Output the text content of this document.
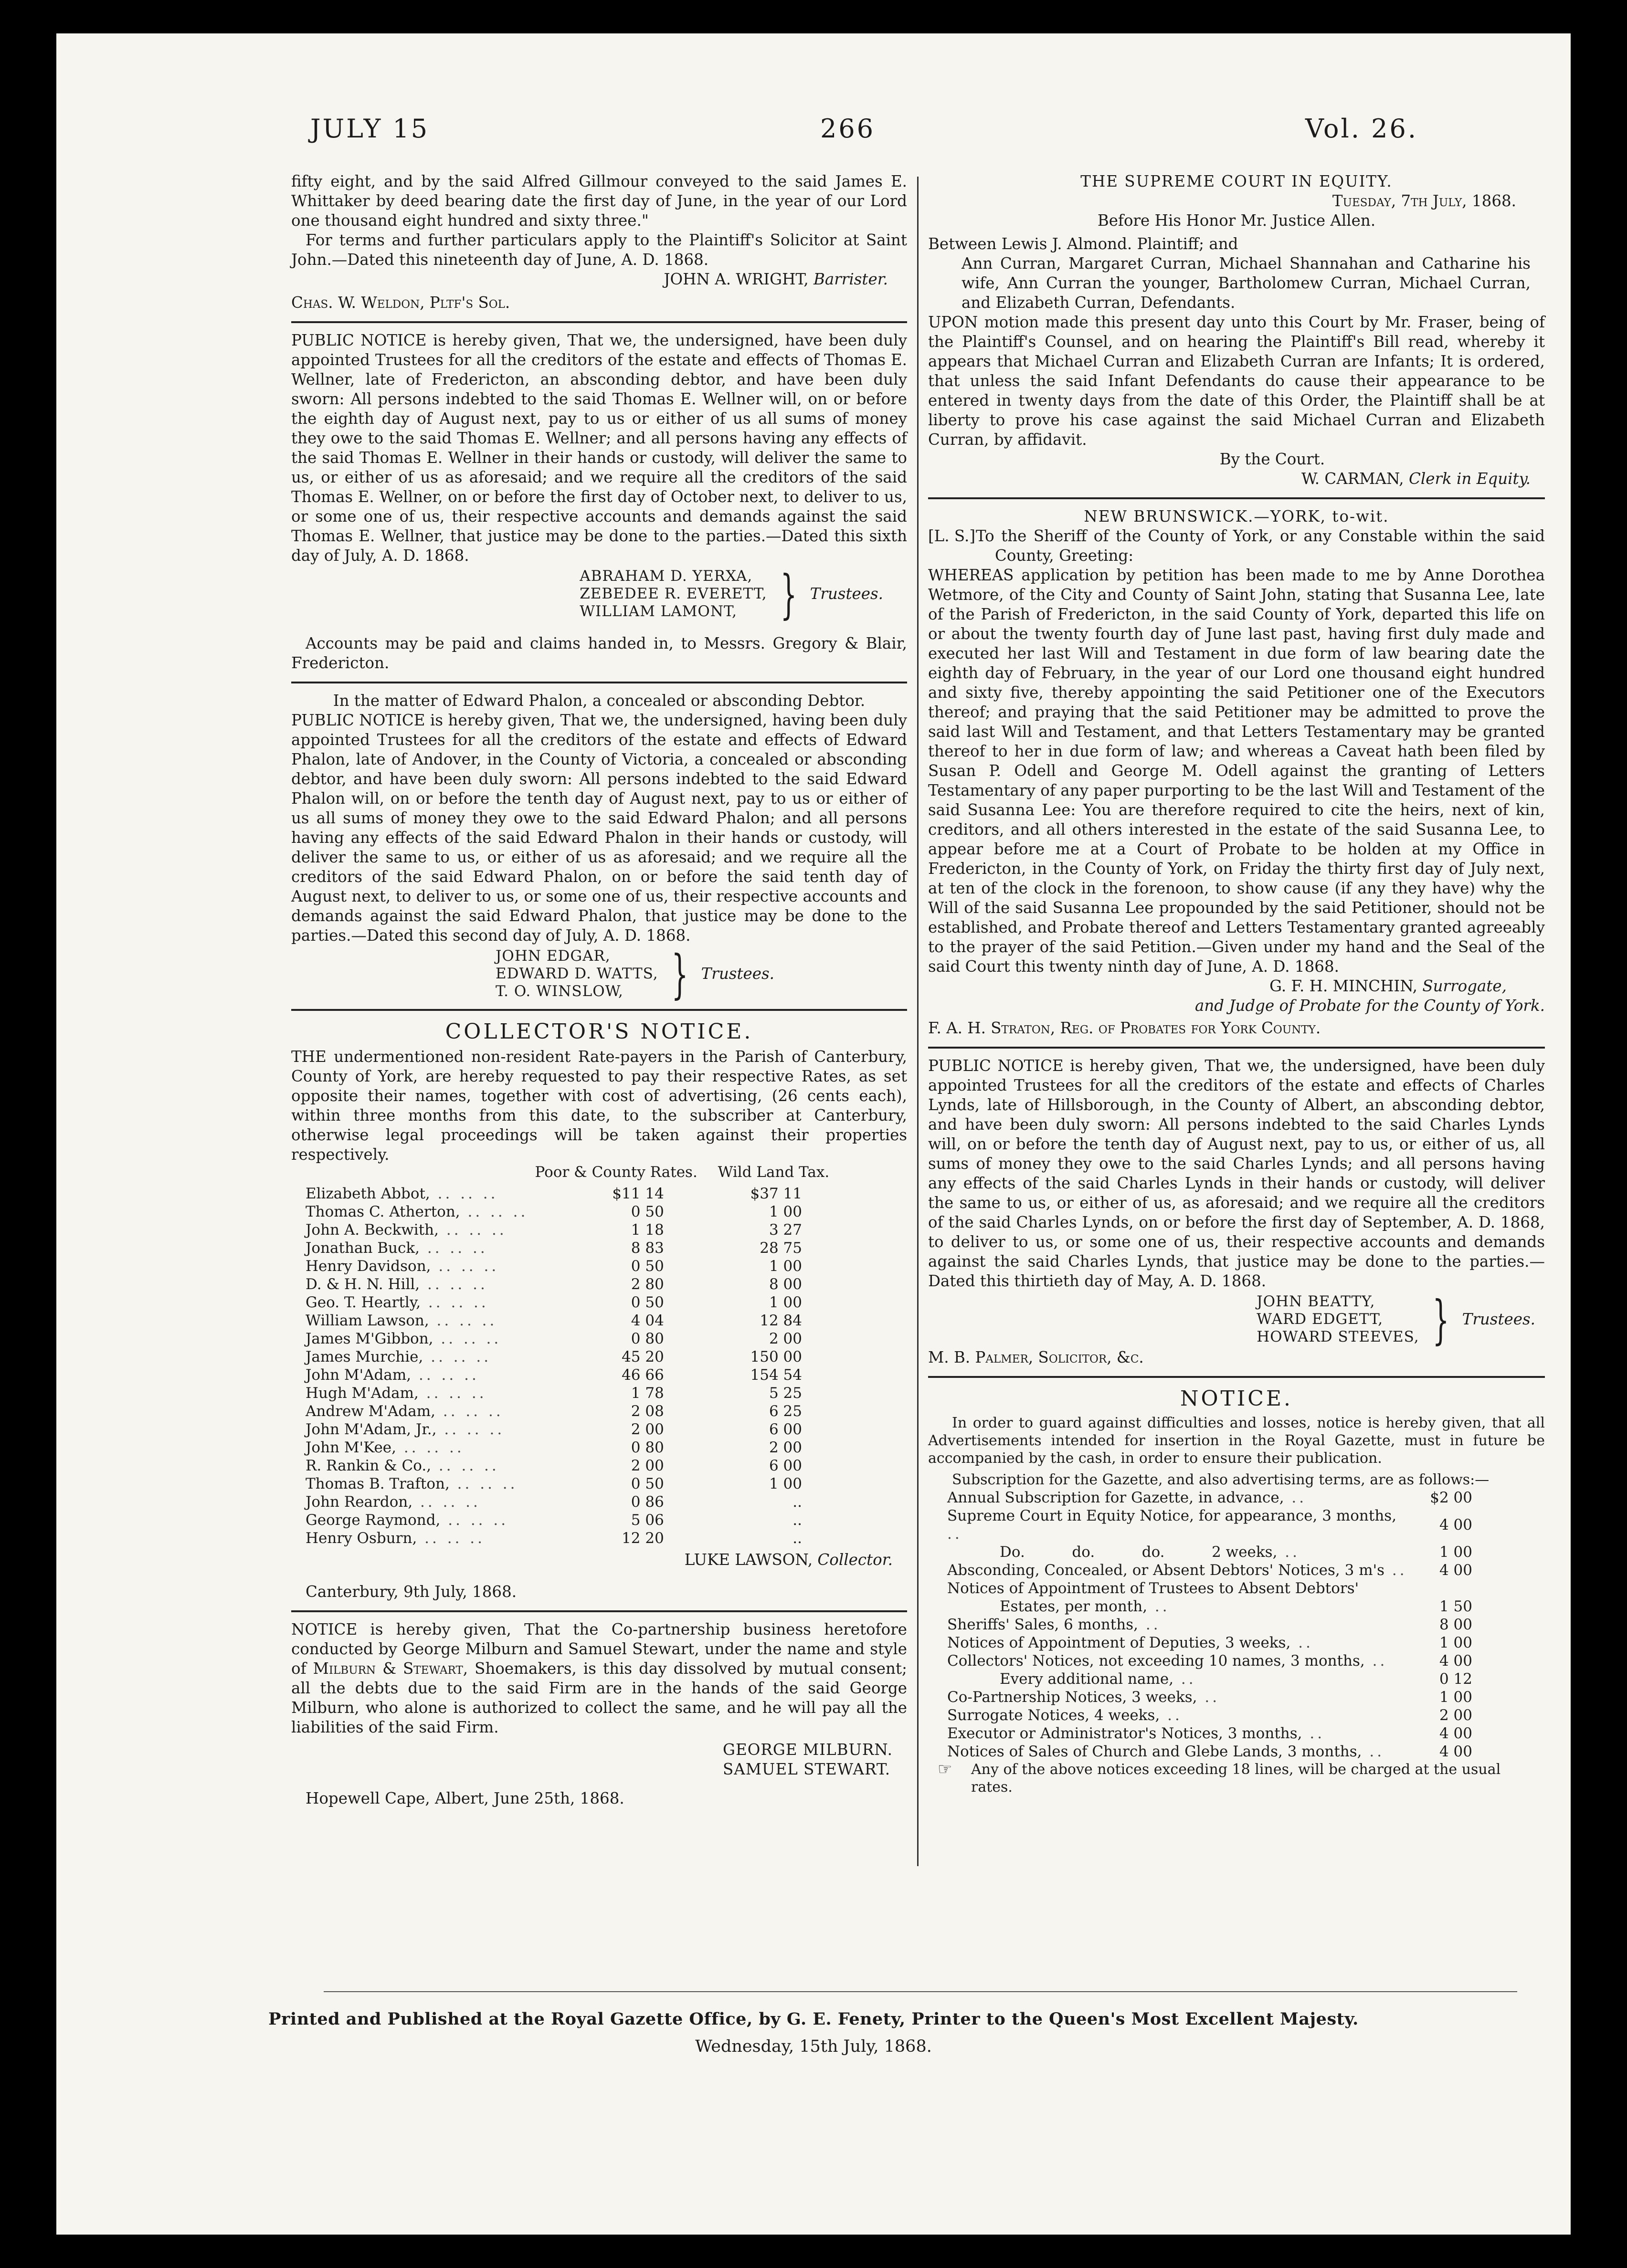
JULY 15	266	Vol. 26.

fifty eight, and by the said Alfred Gillmour conveyed to the said James E. Whittaker by deed bearing date the first day of June, in the year of our Lord one thousand eight hundred and sixty three."

For terms and further particulars apply to the Plaintiff's Solicitor at Saint John.—Dated this nineteenth day of June, A. D. 1868.

JOHN A. WRIGHT, Barrister.

Chas. W. Weldon, Pltf's Sol.

PUBLIC NOTICE is hereby given, That we, the undersigned, have been duly appointed Trustees for all the creditors of the estate and effects of Thomas E. Wellner, late of Fredericton, an absconding debtor, and have been duly sworn: All persons indebted to the said Thomas E. Wellner will, on or before the eighth day of August next, pay to us or either of us all sums of money they owe to the said Thomas E. Wellner; and all persons having any effects of the said Thomas E. Wellner in their hands or custody, will deliver the same to us, or either of us as aforesaid; and we require all the creditors of the said Thomas E. Wellner, on or before the first day of October next, to deliver to us, or some one of us, their respective accounts and demands against the said Thomas E. Wellner, that justice may be done to the parties.—Dated this sixth day of July, A. D. 1868.

ABRAHAM D. YERXA,
ZEBEDEE R. EVERETT,
WILLIAM LAMONT, } Trustees.

Accounts may be paid and claims handed in, to Messrs. Gregory & Blair, Fredericton.

In the matter of Edward Phalon, a concealed or absconding Debtor.

PUBLIC NOTICE is hereby given, That we, the undersigned, having been duly appointed Trustees for all the creditors of the estate and effects of Edward Phalon, late of Andover, in the County of Victoria, a concealed or absconding debtor, and have been duly sworn: All persons indebted to the said Edward Phalon will, on or before the tenth day of August next, pay to us or either of us all sums of money they owe to the said Edward Phalon; and all persons having any effects of the said Edward Phalon in their hands or custody, will deliver the same to us, or either of us as aforesaid; and we require all the creditors of the said Edward Phalon, on or before the said tenth day of August next, to deliver to us, or some one of us, their respective accounts and demands against the said Edward Phalon, that justice may be done to the parties.—Dated this second day of July, A. D. 1868.

JOHN EDGAR,
EDWARD D. WATTS,
T. O. WINSLOW, } Trustees.
COLLECTOR'S NOTICE.

THE undermentioned non-resident Rate-payers in the Parish of Canterbury, County of York, are hereby requested to pay their respective Rates, as set opposite their names, together with cost of advertising, (26 cents each), within three months from this date, to the subscriber at Canterbury, otherwise legal proceedings will be taken against their properties respectively.

	Poor & County Rates.	Wild Land Tax.
Elizabeth Abbot, .. .. ..	$11 14	$37 11
Thomas C. Atherton, .. .. ..	0 50	1 00
John A. Beckwith, .. .. ..	1 18	3 27
Jonathan Buck, .. .. ..	8 83	28 75
Henry Davidson, .. .. ..	0 50	1 00
D. & H. N. Hill, .. .. ..	2 80	8 00
Geo. T. Heartly, .. .. ..	0 50	1 00
William Lawson, .. .. ..	4 04	12 84
James M'Gibbon, .. .. ..	0 80	2 00
James Murchie, .. .. ..	45 20	150 00
John M'Adam, .. .. ..	46 66	154 54
Hugh M'Adam, .. .. ..	1 78	5 25
Andrew M'Adam, .. .. ..	2 08	6 25
John M'Adam, Jr., .. .. ..	2 00	6 00
John M'Kee, .. .. ..	0 80	2 00
R. Rankin & Co., .. .. ..	2 00	6 00
Thomas B. Trafton, .. .. ..	0 50	1 00
John Reardon, .. .. ..	0 86	..
George Raymond, .. .. ..	5 06	..
Henry Osburn, .. .. ..	12 20	..

LUKE LAWSON, Collector.

Canterbury, 9th July, 1868.

NOTICE is hereby given, That the Co-partnership business heretofore conducted by George Milburn and Samuel Stewart, under the name and style of Milburn & Stewart, Shoemakers, is this day dissolved by mutual consent; all the debts due to the said Firm are in the hands of the said George Milburn, who alone is authorized to collect the same, and he will pay all the liabilities of the said Firm.

GEORGE MILBURN.
SAMUEL STEWART.

Hopewell Cape, Albert, June 25th, 1868.

THE SUPREME COURT IN EQUITY.

Tuesday, 7th July, 1868.

Before His Honor Mr. Justice Allen.

Between Lewis J. Almond. Plaintiff; and

Ann Curran, Margaret Curran, Michael Shannahan and Catharine his wife, Ann Curran the younger, Bartholomew Curran, Michael Curran, and Elizabeth Curran, Defendants.

UPON motion made this present day unto this Court by Mr. Fraser, being of the Plaintiff's Counsel, and on hearing the Plaintiff's Bill read, whereby it appears that Michael Curran and Elizabeth Curran are Infants; It is ordered, that unless the said Infant Defendants do cause their appearance to be entered in twenty days from the date of this Order, the Plaintiff shall be at liberty to prove his case against the said Michael Curran and Elizabeth Curran, by affidavit.

By the Court.

W. CARMAN, Clerk in Equity.

NEW BRUNSWICK.—YORK, to-wit.

[L. S.] To the Sheriff of the County of York, or any Constable within the said County, Greeting:

WHEREAS application by petition has been made to me by Anne Dorothea Wetmore, of the City and County of Saint John, stating that Susanna Lee, late of the Parish of Fredericton, in the said County of York, departed this life on or about the twenty fourth day of June last past, having first duly made and executed her last Will and Testament in due form of law bearing date the eighth day of February, in the year of our Lord one thousand eight hundred and sixty five, thereby appointing the said Petitioner one of the Executors thereof; and praying that the said Petitioner may be admitted to prove the said last Will and Testament, and that Letters Testamentary may be granted thereof to her in due form of law; and whereas a Caveat hath been filed by Susan P. Odell and George M. Odell against the granting of Letters Testamentary of any paper purporting to be the last Will and Testament of the said Susanna Lee: You are therefore required to cite the heirs, next of kin, creditors, and all others interested in the estate of the said Susanna Lee, to appear before me at a Court of Probate to be holden at my Office in Fredericton, in the County of York, on Friday the thirty first day of July next, at ten of the clock in the forenoon, to show cause (if any they have) why the Will of the said Susanna Lee propounded by the said Petitioner, should not be established, and Probate thereof and Letters Testamentary granted agreeably to the prayer of the said Petition.—Given under my hand and the Seal of the said Court this twenty ninth day of June, A. D. 1868.

G. F. H. MINCHIN, Surrogate,

and Judge of Probate for the County of York.

F. A. H. Straton, Reg. of Probates for York County.

PUBLIC NOTICE is hereby given, That we, the undersigned, have been duly appointed Trustees for all the creditors of the estate and effects of Charles Lynds, late of Hillsborough, in the County of Albert, an absconding debtor, and have been duly sworn: All persons indebted to the said Charles Lynds will, on or before the tenth day of August next, pay to us, or either of us, all sums of money they owe to the said Charles Lynds; and all persons having any effects of the said Charles Lynds in their hands or custody, will deliver the same to us, or either of us, as aforesaid; and we require all the creditors of the said Charles Lynds, on or before the first day of September, A. D. 1868, to deliver to us, or some one of us, their respective accounts and demands against the said Charles Lynds, that justice may be done to the parties.—Dated this thirtieth day of May, A. D. 1868.

JOHN BEATTY,
WARD EDGETT,
HOWARD STEEVES, } Trustees.

M. B. Palmer, Solicitor, &c.

NOTICE.

In order to guard against difficulties and losses, notice is hereby given, that all Advertisements intended for insertion in the Royal Gazette, must in future be accompanied by the cash, in order to ensure their publication.

Subscription for the Gazette, and also advertising terms, are as follows:—

Annual Subscription for Gazette, in advance, ..	$2 00
Supreme Court in Equity Notice, for appearance, 3 months, ..	4 00
Do.          do.          do.          2 weeks, ..	1 00
Absconding, Concealed, or Absent Debtors' Notices, 3 m's ..	4 00
Notices of Appointment of Trustees to Absent Debtors'	
Estates, per month, ..	1 50
Sheriffs' Sales, 6 months, ..	8 00
Notices of Appointment of Deputies, 3 weeks, ..	1 00
Collectors' Notices, not exceeding 10 names, 3 months, ..	4 00
Every additional name, ..	0 12
Co-Partnership Notices, 3 weeks, ..	1 00
Surrogate Notices, 4 weeks, ..	2 00
Executor or Administrator's Notices, 3 months, ..	4 00
Notices of Sales of Church and Glebe Lands, 3 months, ..	4 00
☞	Any of the above notices exceeding 18 lines, will be charged at the usual rates.
Printed and Published at the Royal Gazette Office, by G. E. Fenety, Printer to the Queen's Most Excellent Majesty.
Wednesday, 15th July, 1868.
